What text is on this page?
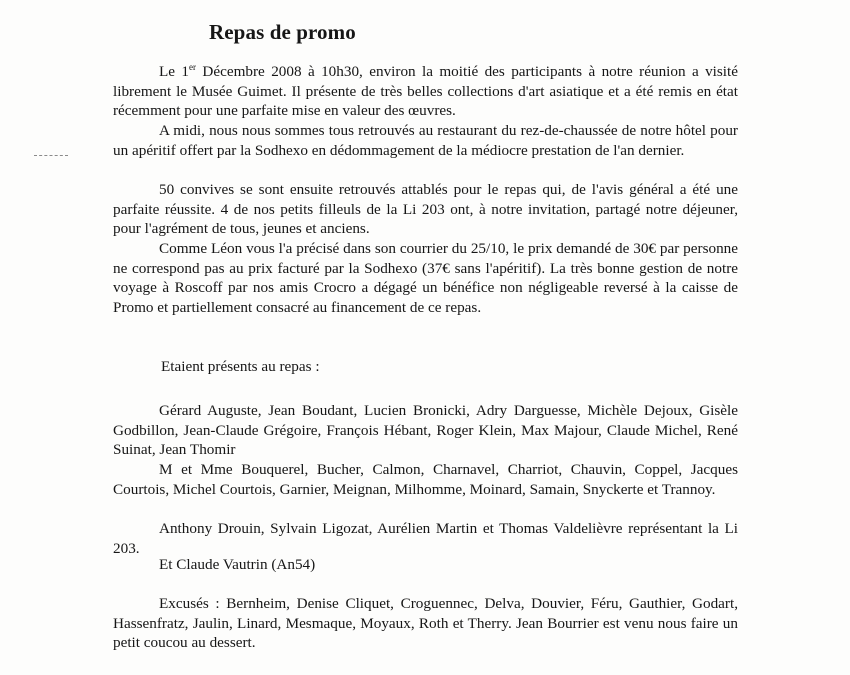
Repas de promo

Le 1er Décembre 2008 à 10h30, environ la moitié des participants à notre réunion a visité librement le Musée Guimet. Il présente de très belles collections d'art asiatique et a été remis en état récemment pour une parfaite mise en valeur des œuvres.

A midi, nous nous sommes tous retrouvés au restaurant du rez-de-chaussée de notre hôtel pour un apéritif offert par la Sodhexo en dédommagement de la médiocre prestation de l'an dernier.

50 convives se sont ensuite retrouvés attablés pour le repas qui, de l'avis général a été une parfaite réussite. 4 de nos petits filleuls de la Li 203 ont, à notre invitation, partagé notre déjeuner, pour l'agrément de tous, jeunes et anciens.

Comme Léon vous l'a précisé dans son courrier du 25/10, le prix demandé de 30€ par personne ne correspond pas au prix facturé par la Sodhexo (37€ sans l'apéritif). La très bonne gestion de notre voyage à Roscoff par nos amis Crocro a dégagé un bénéfice non négligeable reversé à la caisse de Promo et partiellement consacré au financement de ce repas.

Etaient présents au repas :

Gérard Auguste, Jean Boudant, Lucien Bronicki, Adry Darguesse, Michèle Dejoux, Gisèle Godbillon, Jean-Claude Grégoire, François Hébant, Roger Klein, Max Majour, Claude Michel, René Suinat, Jean Thomir

M et Mme Bouquerel, Bucher, Calmon, Charnavel, Charriot, Chauvin, Coppel, Jacques Courtois, Michel Courtois, Garnier, Meignan, Milhomme, Moinard, Samain, Snyckerte et Trannoy.

Anthony Drouin, Sylvain Ligozat, Aurélien Martin et Thomas Valdelièvre représentant la Li 203.

Et Claude Vautrin (An54)

Excusés : Bernheim, Denise Cliquet, Croguennec, Delva, Douvier, Féru, Gauthier, Godart, Hassenfratz, Jaulin, Linard, Mesmaque, Moyaux, Roth et Therry. Jean Bourrier est venu nous faire un petit coucou au dessert.
